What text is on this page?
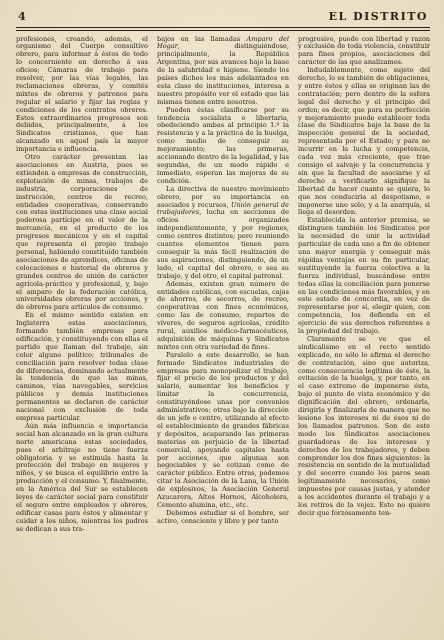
4	EL DISTRITO

profesiones, creando, además, el organismo del Cuerpo consultivo obrero, para informar á éstos de todo lo concerniente en derecho á sus oficios; Cámaras de trabajo para resolver, por las vías legales, las reclamaciones obreras, y comités mixtos de obreros y patronos para regular el salario y fijar las reglas y condiciones de los contratos obreros. Estos extraordinarios progresos son debidos, principalmente, á los Sindicatos cristianos, que han alcanzado en aquel país la mayor importancia e influencia.

Otro carácter presentan las asociaciones en Austria, pues se extienden a empresas de construcción, explotación de minas, trabajos de industria, corporaciones de instrucción, centros de recreo, entidades cooperativas, conservando con estas instituciones una clase social poderosa partícipe en el valor de la mercancía, en el producto de los progresos mecánicos y en el capital que representa el propio trabajo personal, habiendo constituído también asociaciones de aprendices, oficinas de colocaciones e historial de obreros y grandes centros de unión de carácter agrícola-práctico y profesional, y, bajo el amparo de la federación católica, universidades obreras por acciones, y de obreros para artículos de consumo.

En el mismo sentido existen en Inglaterra estas asociaciones, formando también empresas para edificación, y constituyendo con ellas el partido que llaman del trabajo, sin color alguno político; tribunales de conciliación para resolver todas clase de diferencias, dominando actualmente la tendencia de que las minas, caminos, vías navegables, servicios públicos y demás instituciones permanentes se declaren de carácter nacional con exclusión de toda empresa particular.

Aún más influencia e importancia social han alcanzado en la gran cultura norte americana estas sociedades, pues el arbitraje no tiene fuerza obligatoria y se estimula hasta la protección del trabajo en mujeres y niños, y se busca el equilibrio entre la producción y el consumo. Y, finalmente, en la América del Sur se establecen leyes de carácter social para constituir el seguro entre empleados y obreros, edificar casas para éstos y alimentar y cuidar a los niños, mientras los padres se dedican a sus tra-

bajos en las llamadas Amparo del Hogar, distinguiéndose, principalmente, la República Argentina, por sus avances bajo la base de la salubridad e higiene. Siendo los países dichos los más adelantados en esta clase de instituciones, interesa a nuestro propósito ver el estado que las mismas tienen entre nosotros.

Pueden éstas clasificarse por su tendencia socialista o libertaria, obedeciendo ambas al principio 1.º la resistencia y a la práctica de la huelga, como medio de conseguir su mejoramiento; las primeras, accionando dentro de la legalidad, y las segundas, de un modo rápido e inmediato, esperan las mejoras de su condición.

La directiva de nuestro movimiento obrero, por su importancia en asociados y recursos, Unión general de trabajadores, lucha en secciones de oficios organizados independientemente, y por regiones, como centros distintos; pero reuniendo cuantos elementos tienen para conseguir la más fácil realización de sus aspiraciones, distinguiendo, de un lado, el capital del obrero, o sea su trabajo, y del otro, el capital patronal.

Además, existen gran número de entidades católicas, con escuelas, cajas de ahorros, de socorros, de recreo, cooperativas con fines económicos, como las de consumo, repartos de víveres, de seguros agrícolas, crédito rural, auxilios médico-farmacéuticos, adquisición de máquinas y Sindicatos mixtos con otra variedad de fines.

Paralelo a este desarrollo, se han formado Sindicatos industriales de empresas para monopolizar el trabajo, fijar el precio de los productos y del salario, aumentar los beneficios y limitar la concurrencia, constituyéndose unas por convenios administrativos; otras bajo la dirección de un jefe o centro, utilizando al efecto el establecimiento de grandes fábricas y depósitos, acaparando las primeras materias en perjuicio de la libertad comercial, apoyando capitales hasta por acciones, que algunas son negociables y se cotizan como de carácter público. Entre otras, podemos citar la Asociación de la Lana, la Unión de explosivos, la Asociación General Azucarera, Altos Hornos, Alcoholera, Cemento alumina, etc., etc.

Debemos estudiar si el hombre, ser activo, consciente y libre y por tanto

progresivo, puede con libertad y razón y exclusión de toda violencia, constituir para fines propios, asociaciones del carácter de las que analizamos.

Indudablemente, como sujeto del derecho, lo es también de obligaciones, y entre éstos y ellas se originan las de contratación; pero dentro de la esfera legal del derecho y el principio del orden; es decir, que para su perfección y mejoramiento puede establecer toda clase de Sindicatos bajo la base de la inspección general de la sociedad, representada por el Estado; y para no incurrir en la lucha y competencia, cada vez más creciente, que trae consigo el salvaje y la concurrencia y sin que la facultad de asociarse y el derecho a verificarlo signifique la libertad de hacer cuanto se quiera, lo que nos conduciría al despotismo, e imponerse uno solo, y a la anarquía, si llega el desorden.

Establecida la anterior premisa, se distinguen también los Sindicatos por la necesidad de unir la actividad particular de cada uno a fin de obtener una mayor energía y conseguir más rápidas ventajas en su fin particular, sustituyendo la fuerza colectiva a la fuerza individual, buscándose entre todas ellas la conciliación para ponerse en las condiciones más favorables, y en este estado de concordia, en vez de representarse por sí, elegir quien, con competencia, los defienda en el ejercicio de sus derechos referentes a la propiedad del trabajo.

Claramente se ve que el sindicalismo en el recto sentido explicado, no sólo lo afirma el derecho de contratación, sino que autoriza, como consecuencia legítima de éste, la evitación de la huelga, y, por tanto, en el caso extremo de imponerse ésta, bajo el punto de vista económico y de dignificación del obrero, ordenarla, dirigirla y finalizarla de manera que no lesione los intereses ni de ésos ni de los llamados patronos. Son de este modo los Sindicatos asociaciones guardadoras de los intereses y derechos de los trabajadores, y deben comprender los dos fines siguientes: la resistencia en sentido de la mutualidad y del socorro cuando los paros sean legítimamente necesarios, como impuestos por causas justas, y atender a los accidentes durante el trabajo y a los retiros de la vejez. Esto no quiere decir que forzosamente ten-
